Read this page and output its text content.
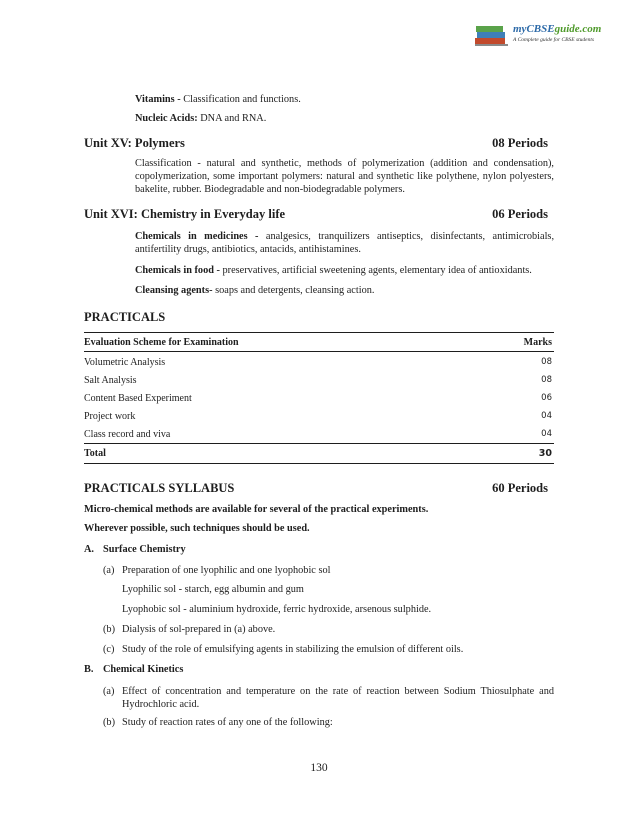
myCBSEguide.com
A Complete guide for CBSE students
Vitamins - Classification and functions.
Nucleic Acids: DNA and RNA.
Unit XV: Polymers	08 Periods
Classification - natural and synthetic, methods of polymerization (addition and condensation), copolymerization, some important polymers: natural and synthetic like polythene, nylon polyesters, bakelite, rubber. Biodegradable and non-biodegradable polymers.
Unit XVI: Chemistry in Everyday life	06 Periods
Chemicals in medicines - analgesics, tranquilizers antiseptics, disinfectants, antimicrobials, antifertility drugs, antibiotics, antacids, antihistamines.
Chemicals in food - preservatives, artificial sweetening agents, elementary idea of antioxidants.
Cleansing agents- soaps and detergents, cleansing action.
PRACTICALS
Evaluation Scheme for Examination	Marks
Volumetric Analysis	08
Salt Analysis	08
Content Based Experiment	06
Project work	04
Class record and viva	04
Total	30
PRACTICALS SYLLABUS	60 Periods
Micro-chemical methods are available for several of the practical experiments.
Wherever possible, such techniques should be used.
A. Surface Chemistry
(a) Preparation of one lyophilic and one lyophobic sol
Lyophilic sol - starch, egg albumin and gum
Lyophobic sol - aluminium hydroxide, ferric hydroxide, arsenous sulphide.
(b) Dialysis of sol-prepared in (a) above.
(c) Study of the role of emulsifying agents in stabilizing the emulsion of different oils.
B. Chemical Kinetics
(a) Effect of concentration and temperature on the rate of reaction between Sodium Thiosulphate and Hydrochloric acid.
(b) Study of reaction rates of any one of the following:
130
